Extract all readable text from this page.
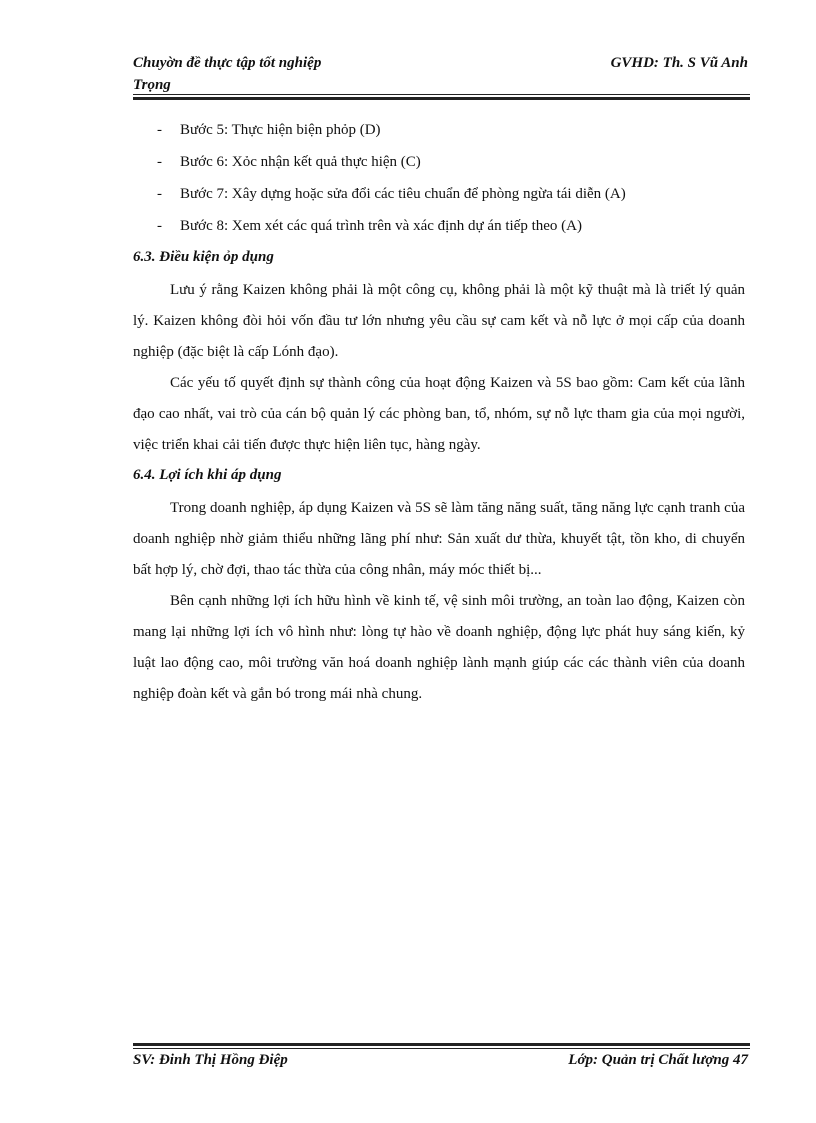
Chuyờn đề thực tập tốt nghiệp
Trọng
GVHD: Th. S Vũ Anh
- Bước 5: Thực hiện biện phỏp (D)
- Bước 6: Xỏc nhận kết quả thực hiện (C)
- Bước 7: Xây dựng hoặc sửa đổi các tiêu chuẩn để phòng ngừa tái diễn (A)
- Bước 8: Xem xét các quá trình trên và xác định dự án tiếp theo (A)
6.3. Điều kiện ỏp dụng

Lưu ý rằng Kaizen không phải là một công cụ, không phải là một kỹ thuật mà là triết lý quản lý. Kaizen không đòi hỏi vốn đầu tư lớn nhưng yêu cầu sự cam kết và nỗ lực ở mọi cấp của doanh nghiệp (đặc biệt là cấp Lónh đạo).

Các yếu tố quyết định sự thành công của hoạt động Kaizen và 5S bao gồm: Cam kết của lãnh đạo cao nhất, vai trò của cán bộ quản lý các phòng ban, tổ, nhóm, sự nỗ lực tham gia của mọi người, việc triển khai cải tiến được thực hiện liên tục, hàng ngày.

6.4. Lợi ích khi áp dụng

Trong doanh nghiệp, áp dụng Kaizen và 5S sẽ làm tăng năng suất, tăng năng lực cạnh tranh của doanh nghiệp nhờ giảm thiểu những lãng phí như: Sản xuất dư thừa, khuyết tật, tồn kho, di chuyển bất hợp lý, chờ đợi, thao tác thừa của công nhân, máy móc thiết bị...

Bên cạnh những lợi ích hữu hình về kinh tế, vệ sinh môi trường, an toàn lao động, Kaizen còn mang lại những lợi ích vô hình như: lòng tự hào về doanh nghiệp, động lực phát huy sáng kiến, kỷ luật lao động cao, môi trường văn hoá doanh nghiệp lành mạnh giúp các các thành viên của doanh nghiệp đoàn kết và gắn bó trong mái nhà chung.

SV: Đinh Thị Hồng Điệp	Lớp: Quản trị Chất lượng 47
